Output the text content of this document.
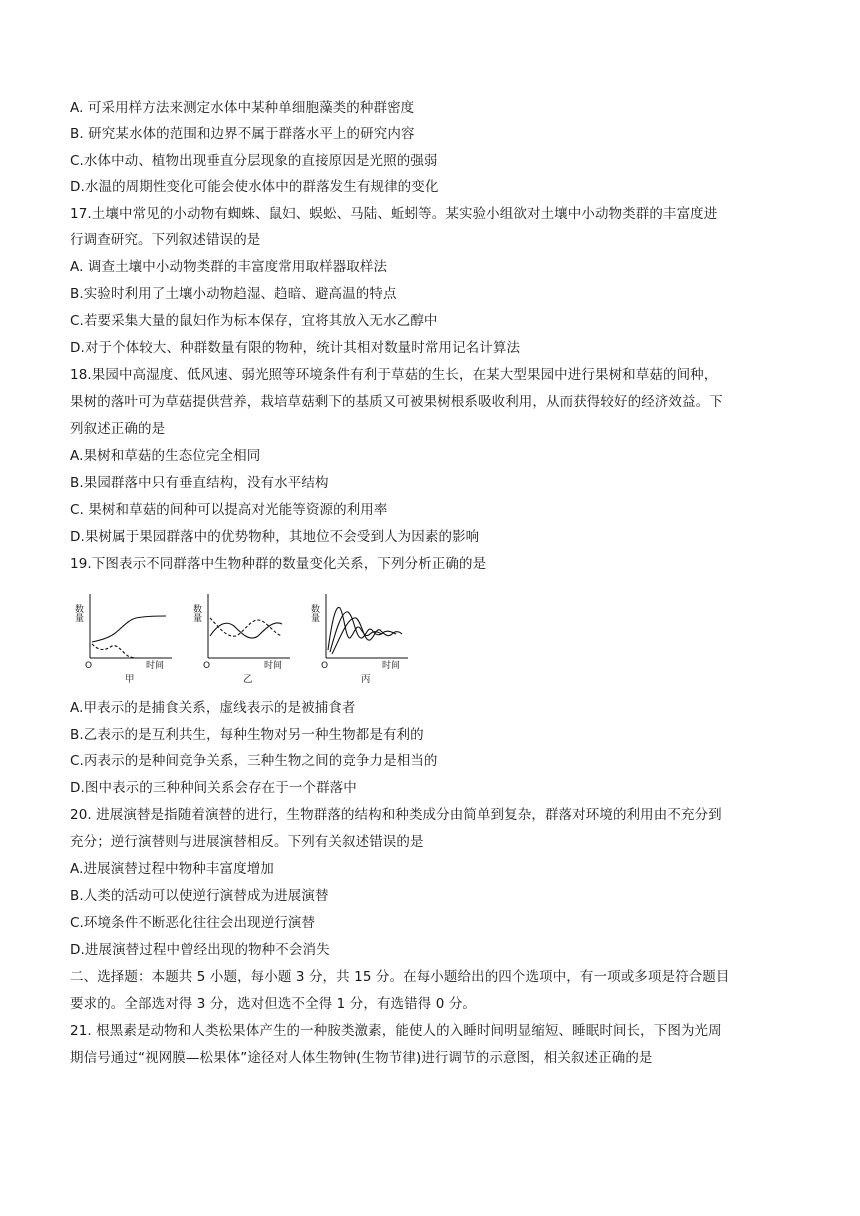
A. 可采用样方法来测定水体中某种单细胞藻类的种群密度
B. 研究某水体的范围和边界不属于群落水平上的研究内容
C.水体中动、植物出现垂直分层现象的直接原因是光照的强弱
D.水温的周期性变化可能会使水体中的群落发生有规律的变化
17.土壤中常见的小动物有蜘蛛、鼠妇、蜈蚣、马陆、蚯蚓等。某实验小组欲对土壤中小动物类群的丰富度进
行调查研究。下列叙述错误的是
A. 调查土壤中小动物类群的丰富度常用取样器取样法
B.实验时利用了土壤小动物趋湿、趋暗、避高温的特点
C.若要采集大量的鼠妇作为标本保存，宜将其放入无水乙醇中
D.对于个体较大、种群数量有限的物种，统计其相对数量时常用记名计算法
18.果园中高湿度、低风速、弱光照等环境条件有利于草菇的生长，在某大型果园中进行果树和草菇的间种，
果树的落叶可为草菇提供营养，栽培草菇剩下的基质又可被果树根系吸收利用，从而获得较好的经济效益。下
列叙述正确的是
A.果树和草菇的生态位完全相同
B.果园群落中只有垂直结构，没有水平结构
C. 果树和草菇的间种可以提高对光能等资源的利用率
D.果树属于果园群落中的优势物种，其地位不会受到人为因素的影响
19.下图表示不同群落中生物种群的数量变化关系，下列分析正确的是
数量
O	时间
甲
数量
O	时间
乙
数量
O	时间
丙
A.甲表示的是捕食关系，虚线表示的是被捕食者
B.乙表示的是互利共生，每种生物对另一种生物都是有利的
C.丙表示的是种间竞争关系，三种生物之间的竞争力是相当的
D.图中表示的三种种间关系会存在于一个群落中
20. 进展演替是指随着演替的进行，生物群落的结构和种类成分由简单到复杂，群落对环境的利用由不充分到
充分；逆行演替则与进展演替相反。下列有关叙述错误的是
A.进展演替过程中物种丰富度增加
B.人类的活动可以使逆行演替成为进展演替
C.环境条件不断恶化往往会出现逆行演替
D.进展演替过程中曾经出现的物种不会消失
二、选择题：本题共 5 小题，每小题 3 分，共 15 分。在每小题给出的四个选项中，有一项或多项是符合题目
要求的。全部选对得 3 分，选对但选不全得 1 分，有选错得 0 分。
21. 根黑素是动物和人类松果体产生的一种胺类激素，能使人的入睡时间明显缩短、睡眠时间长，下图为光周
期信号通过“视网膜—松果体”途径对人体生物钟(生物节律)进行调节的示意图，相关叙述正确的是
